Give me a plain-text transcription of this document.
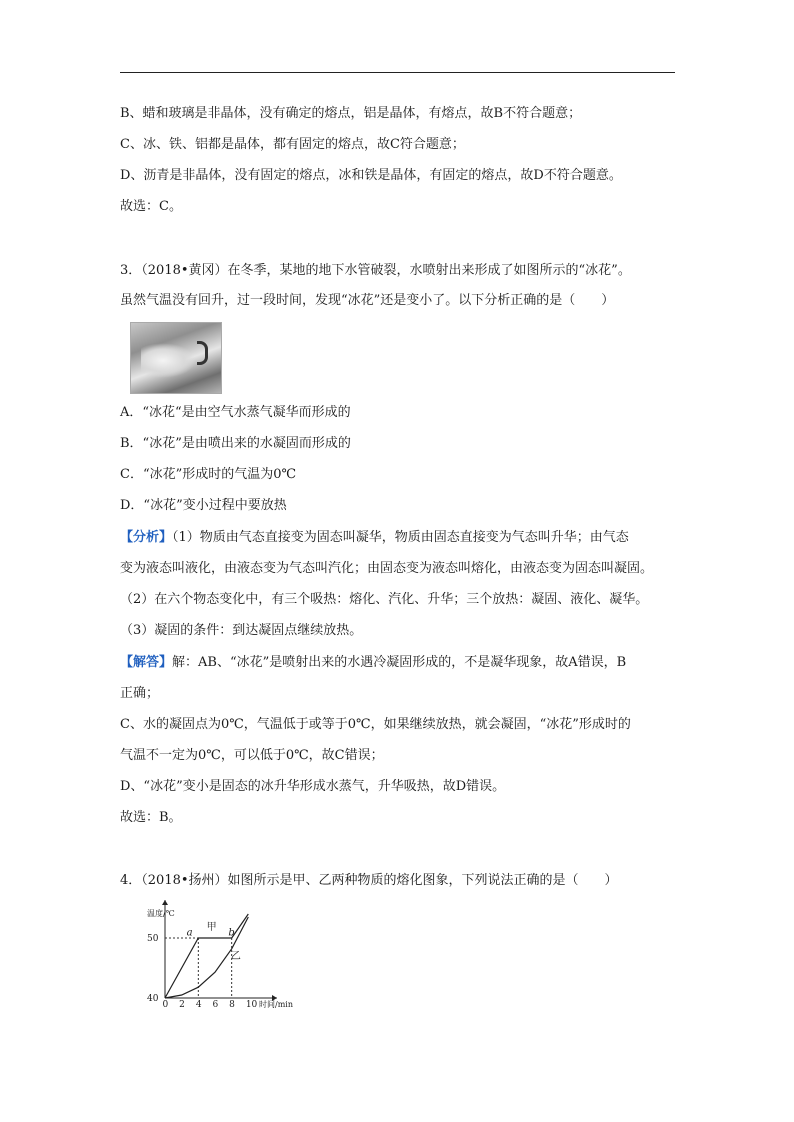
B、蜡和玻璃是非晶体，没有确定的熔点，铝是晶体，有熔点，故B不符合题意；
C、冰、铁、铝都是晶体，都有固定的熔点，故C符合题意；
D、沥青是非晶体，没有固定的熔点，冰和铁是晶体，有固定的熔点，故D不符合题意。
故选：C。
3．（2018•黄冈）在冬季，某地的地下水管破裂，水喷射出来形成了如图所示的“冰花”。
虽然气温没有回升，过一段时间，发现“冰花”还是变小了。以下分析正确的是（　　）
A．“冰花“是由空气水蒸气凝华而形成的
B．“冰花”是由喷出来的水凝固而形成的
C．“冰花”形成时的气温为0℃
D．“冰花”变小过程中要放热
【分析】（1）物质由气态直接变为固态叫凝华，物质由固态直接变为气态叫升华；由气态
变为液态叫液化，由液态变为气态叫汽化；由固态变为液态叫熔化，由液态变为固态叫凝固。
（2）在六个物态变化中，有三个吸热：熔化、汽化、升华；三个放热：凝固、液化、凝华。
（3）凝固的条件：到达凝固点继续放热。
【解答】解：AB、“冰花”是喷射出来的水遇冷凝固形成的，不是凝华现象，故A错误，B
正确；
C、水的凝固点为0℃，气温低于或等于0℃，如果继续放热，就会凝固，“冰花”形成时的
气温不一定为0℃，可以低于0℃，故C错误；
D、“冰花”变小是固态的冰升华形成水蒸气，升华吸热，故D错误。
故选：B。
4．（2018•扬州）如图所示是甲、乙两种物质的熔化图象，下列说法正确的是（　　）
温度/℃
时间/min
0 2 4 6 8 10
40
50
甲
乙
a	b
